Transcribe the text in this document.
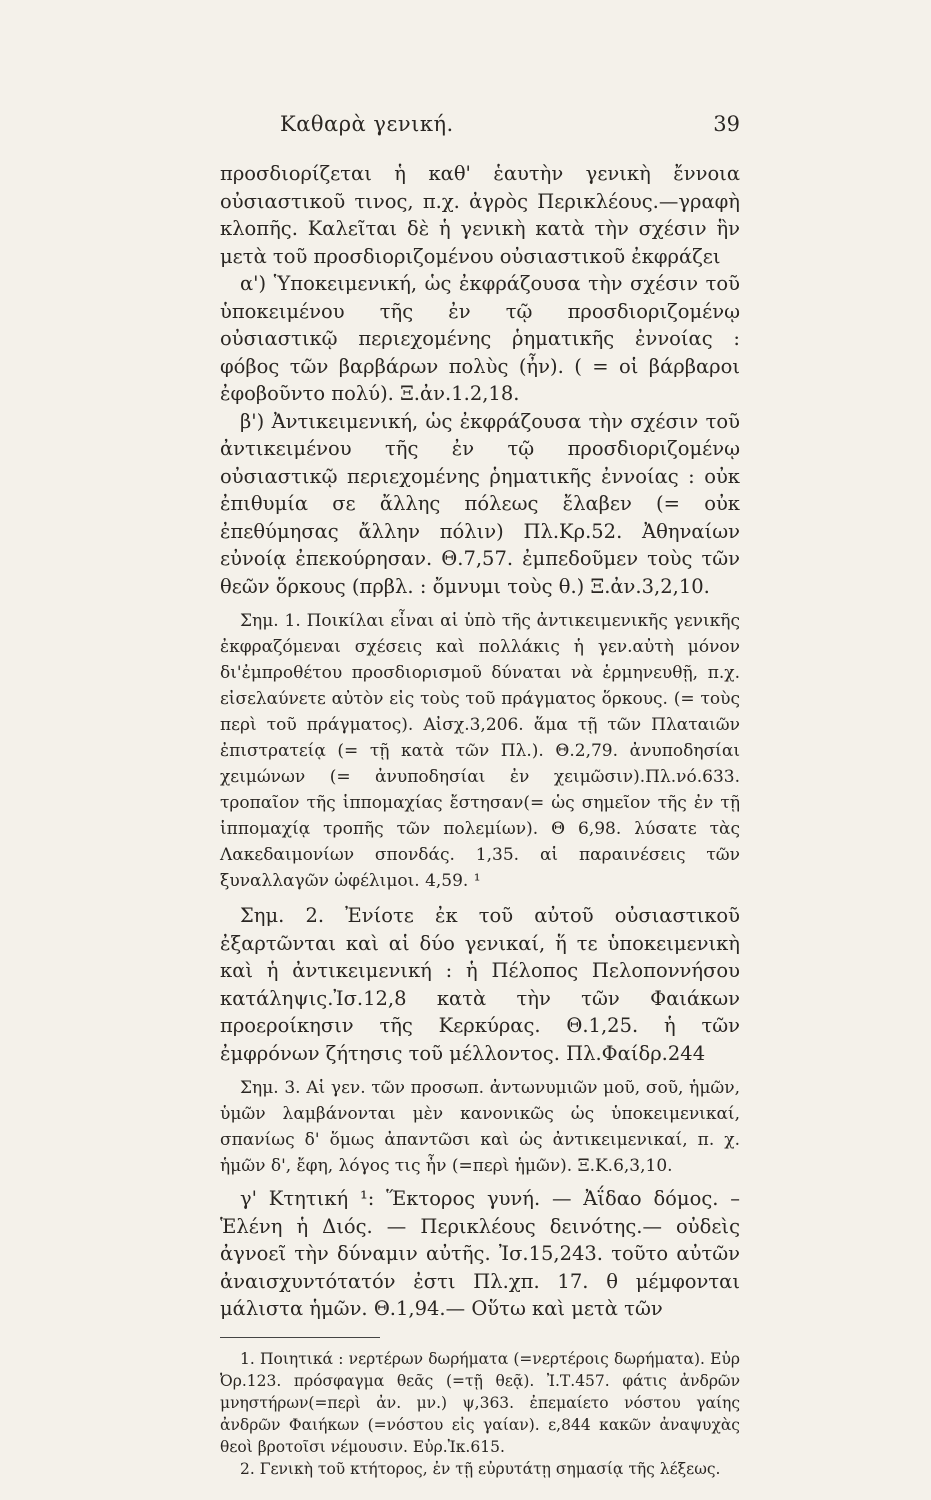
Καθαρὰ γενική.	39

προσδιορίζεται ἡ καθ' ἑαυτὴν γενικὴ ἔννοια οὐσιαστικοῦ τινος, π.χ. ἀγρὸς Περικλέους.—γραφὴ κλοπῆς. Καλεῖται δὲ ἡ γενικὴ κατὰ τὴν σχέσιν ἣν μετὰ τοῦ προσδιοριζομένου οὐσιαστικοῦ ἐκφράζει

α') Ὑποκειμενική, ὡς ἐκφράζουσα τὴν σχέσιν τοῦ ὑποκειμένου τῆς ἐν τῷ προσδιοριζομένῳ οὐσιαστικῷ περιεχομένης ῥηματικῆς ἐννοίας : φόβος τῶν βαρβάρων πολὺς (ἦν). ( = οἱ βάρβαροι ἐφοβοῦντο πολύ). Ξ.ἀν.1.2,18.

β') Ἀντικειμενική, ὡς ἐκφράζουσα τὴν σχέσιν τοῦ ἀντικειμένου τῆς ἐν τῷ προσδιοριζομένῳ οὐσιαστικῷ περιεχομένης ῥηματικῆς ἐννοίας : οὐκ ἐπιθυμία σε ἄλλης πόλεως ἔλαβεν (= οὐκ ἐπεθύμησας ἄλλην πόλιν) Πλ.Κρ.52. Ἀθηναίων εὐνοίᾳ ἐπεκούρησαν. Θ.7,57. ἐμπεδοῦμεν τοὺς τῶν θεῶν ὅρκους (πρβλ. : ὄμνυμι τοὺς θ.) Ξ.ἀν.3,2,10.

Σημ. 1. Ποικίλαι εἶναι αἱ ὑπὸ τῆς ἀντικειμενικῆς γενικῆς ἐκφραζόμεναι σχέσεις καὶ πολλάκις ἡ γεν.αὐτὴ μόνον δι'ἐμπροθέτου προσδιορισμοῦ δύναται νὰ ἑρμηνευθῇ, π.χ. εἰσελαύνετε αὐτὸν εἰς τοὺς τοῦ πράγματος ὅρκους. (= τοὺς περὶ τοῦ πράγματος). Αἰσχ.3,206. ἅμα τῇ τῶν Πλαταιῶν ἐπιστρατείᾳ (= τῇ κατὰ τῶν Πλ.). Θ.2,79. ἀνυποδησίαι χειμώνων (= ἀνυποδησίαι ἐν χειμῶσιν).Πλ.νό.633. τροπαῖον τῆς ἱππομαχίας ἔστησαν(= ὡς σημεῖον τῆς ἐν τῇ ἱππομαχίᾳ τροπῆς τῶν πολεμίων). Θ 6,98. λύσατε τὰς Λακεδαιμονίων σπονδάς. 1,35. αἱ παραινέσεις τῶν ξυναλλαγῶν ὠφέλιμοι. 4,59. ¹

Σημ. 2. Ἐνίοτε ἐκ τοῦ αὐτοῦ οὐσιαστικοῦ ἐξαρτῶνται καὶ αἱ δύο γενικαί, ἥ τε ὑποκειμενικὴ καὶ ἡ ἀντικειμενική : ἡ Πέλοπος Πελοποννήσου κατάληψις.Ἰσ.12,8 κατὰ τὴν τῶν Φαιάκων προεροίκησιν τῆς Κερκύρας. Θ.1,25. ἡ τῶν ἐμφρόνων ζήτησις τοῦ μέλλοντος. Πλ.Φαίδρ.244

Σημ. 3. Αἱ γεν. τῶν προσωπ. ἀντωνυμιῶν μοῦ, σοῦ, ἡμῶν, ὑμῶν λαμβάνονται μὲν κανονικῶς ὡς ὑποκειμενικαί, σπανίως δ' ὅμως ἀπαντῶσι καὶ ὡς ἀντικειμενικαί, π. χ. ἡμῶν δ', ἔφη, λόγος τις ἦν (=περὶ ἡμῶν). Ξ.Κ.6,3,10.

γ' Κτητική ¹: Ἕκτορος γυνή. — Ἀΐδαο δόμος. – Ἑλένη ἡ Διός. — Περικλέους δεινότης.— οὐδεὶς ἀγνοεῖ τὴν δύναμιν αὐτῆς. Ἰσ.15,243. τοῦτο αὐτῶν ἀναισχυντότατόν ἐστι Πλ.χπ. 17. θ μέμφονται μάλιστα ἡμῶν. Θ.1,94.— Οὕτω καὶ μετὰ τῶν

1. Ποιητικά : νερτέρων δωρήματα (=νερτέροις δωρήματα). Εὐρ Ὀρ.123. πρόσφαγμα θεᾶς (=τῇ θεᾷ). Ἰ.Τ.457. φάτις ἀνδρῶν μνηστήρων(=περὶ ἀν. μν.) ψ,363. ἐπεμαίετο νόστου γαίης ἀνδρῶν Φαιήκων (=νόστου εἰς γαίαν). ε,844 κακῶν ἀναψυχὰς θεοὶ βροτοῖσι νέμουσιν. Εὐρ.Ἰκ.615.

2. Γενικὴ τοῦ κτήτορος, ἐν τῇ εὐρυτάτῃ σημασίᾳ τῆς λέξεως.
